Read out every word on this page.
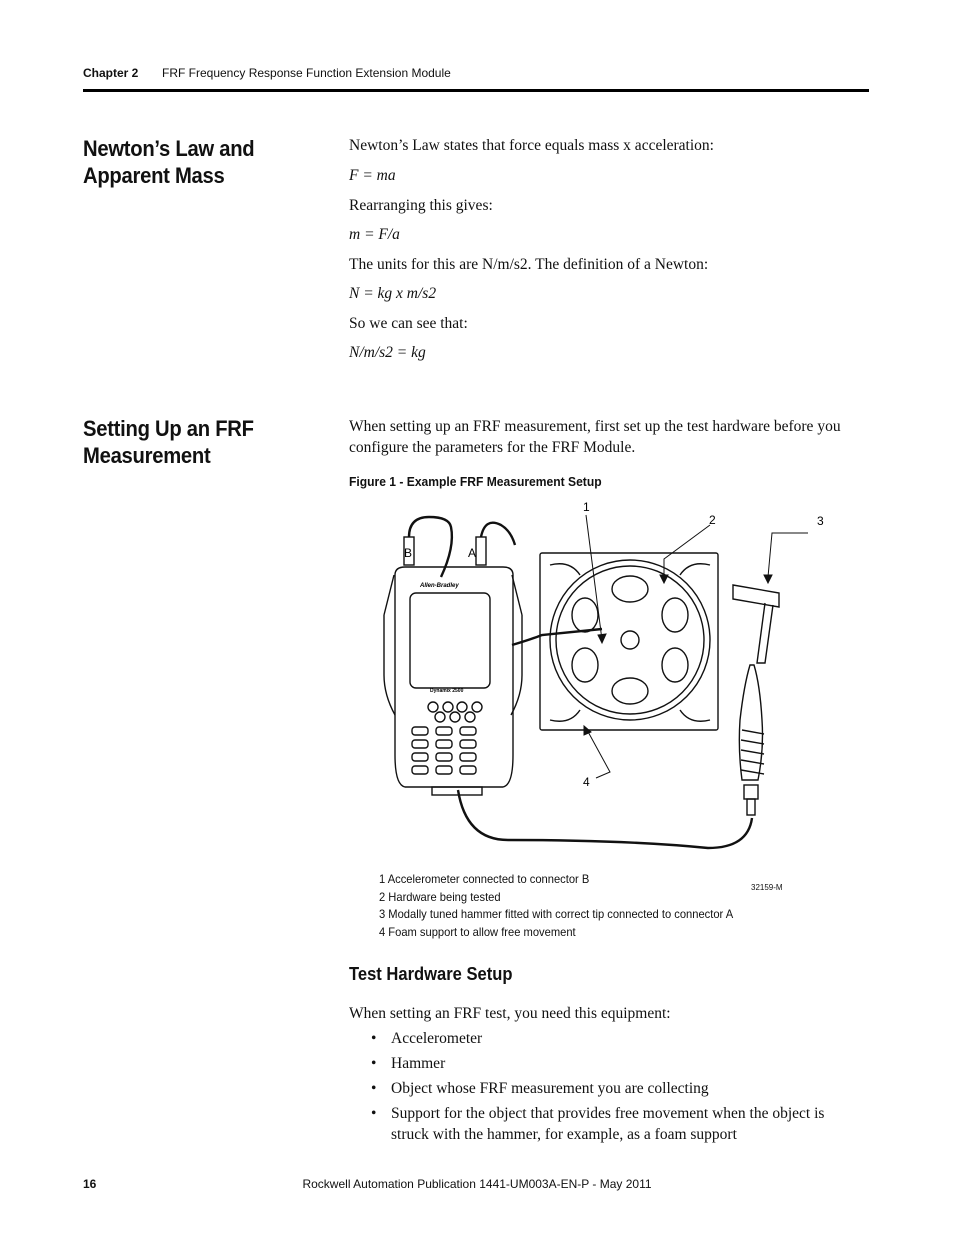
Chapter 2 FRF Frequency Response Function Extension Module
Newton’s Law and
Apparent Mass
Newton’s Law states that force equals mass x acceleration:
F = ma
Rearranging this gives:
m = F/a
The units for this are N/m/s2. The definition of a Newton:
N = kg x m/s2
So we can see that:
N/m/s2 = kg
Setting Up an FRF
Measurement
When setting up an FRF measurement, first set up the test hardware before you
configure the parameters for the FRF Module.
Figure 1 - Example FRF Measurement Setup
1
2	3
4
B	A
Allen-Bradley
Dynamix 2500
32159-M
1 Accelerometer connected to connector B
2 Hardware being tested
3 Modally tuned hammer fitted with correct tip connected to connector A
4 Foam support to allow free movement
Test Hardware Setup
When setting an FRF test, you need this equipment:
• Accelerometer
• Hammer
• Object whose FRF measurement you are collecting
• Support for the object that provides free movement when the object is struck with the hammer, for example, as a foam support
16	Rockwell Automation Publication 1441-UM003A-EN-P - May 2011
